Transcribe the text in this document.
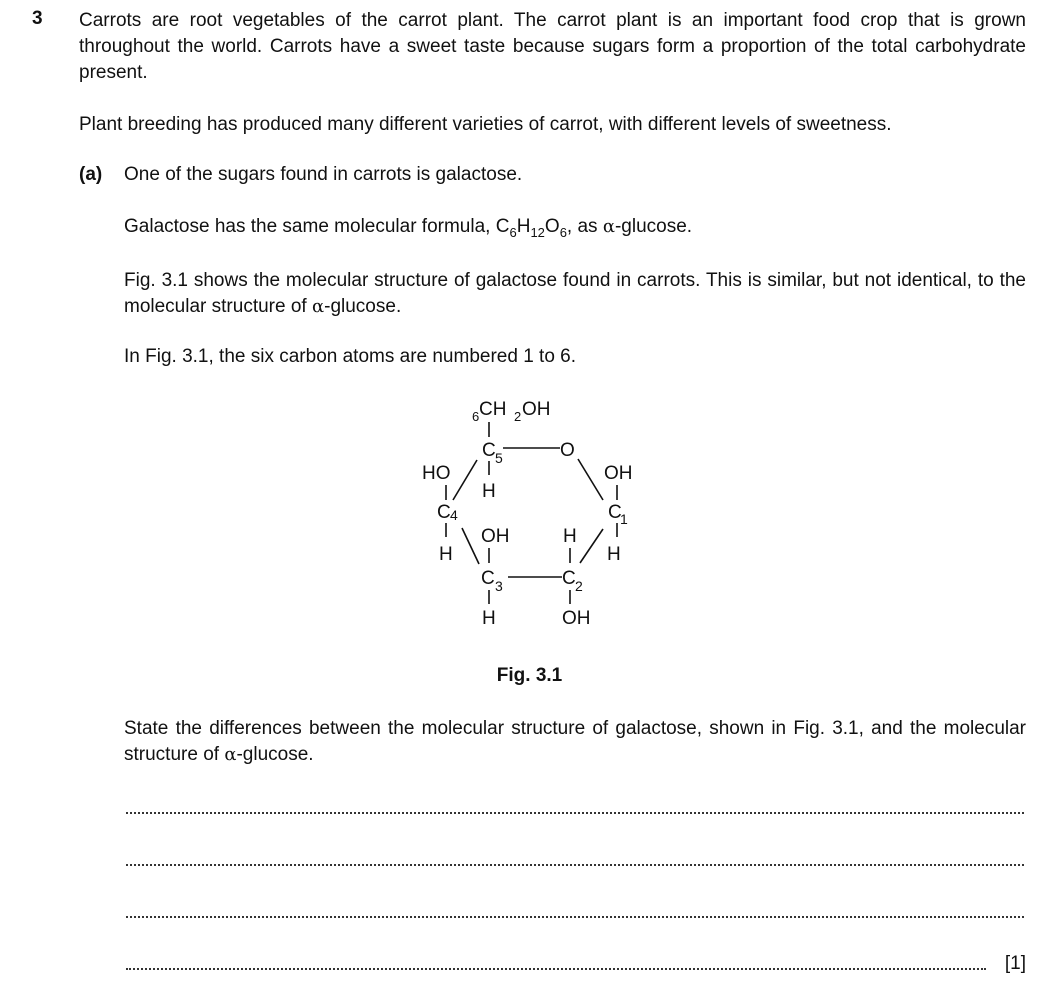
3 Carrots are root vegetables of the carrot plant. The carrot plant is an important food crop that is grown throughout the world. Carrots have a sweet taste because sugars form a proportion of the total carbohydrate present.
Plant breeding has produced many different varieties of carrot, with different levels of sweetness.
(a) One of the sugars found in carrots is galactose.
Galactose has the same molecular formula, $C_6H_{12}O_6$, as α-glucose.
Fig. 3.1 shows the molecular structure of galactose found in carrots. This is similar, but not identical, to the molecular structure of α-glucose.
In Fig. 3.1, the six carbon atoms are numbered 1 to 6.
6 CH 2 OH
C 5	O
H
HO
C 4
H
OH
C
1
H
OH
C 3
H
H
C 2
OH
Fig. 3.1
State the differences between the molecular structure of galactose, shown in Fig. 3.1, and the molecular structure of α-glucose.
[1]
